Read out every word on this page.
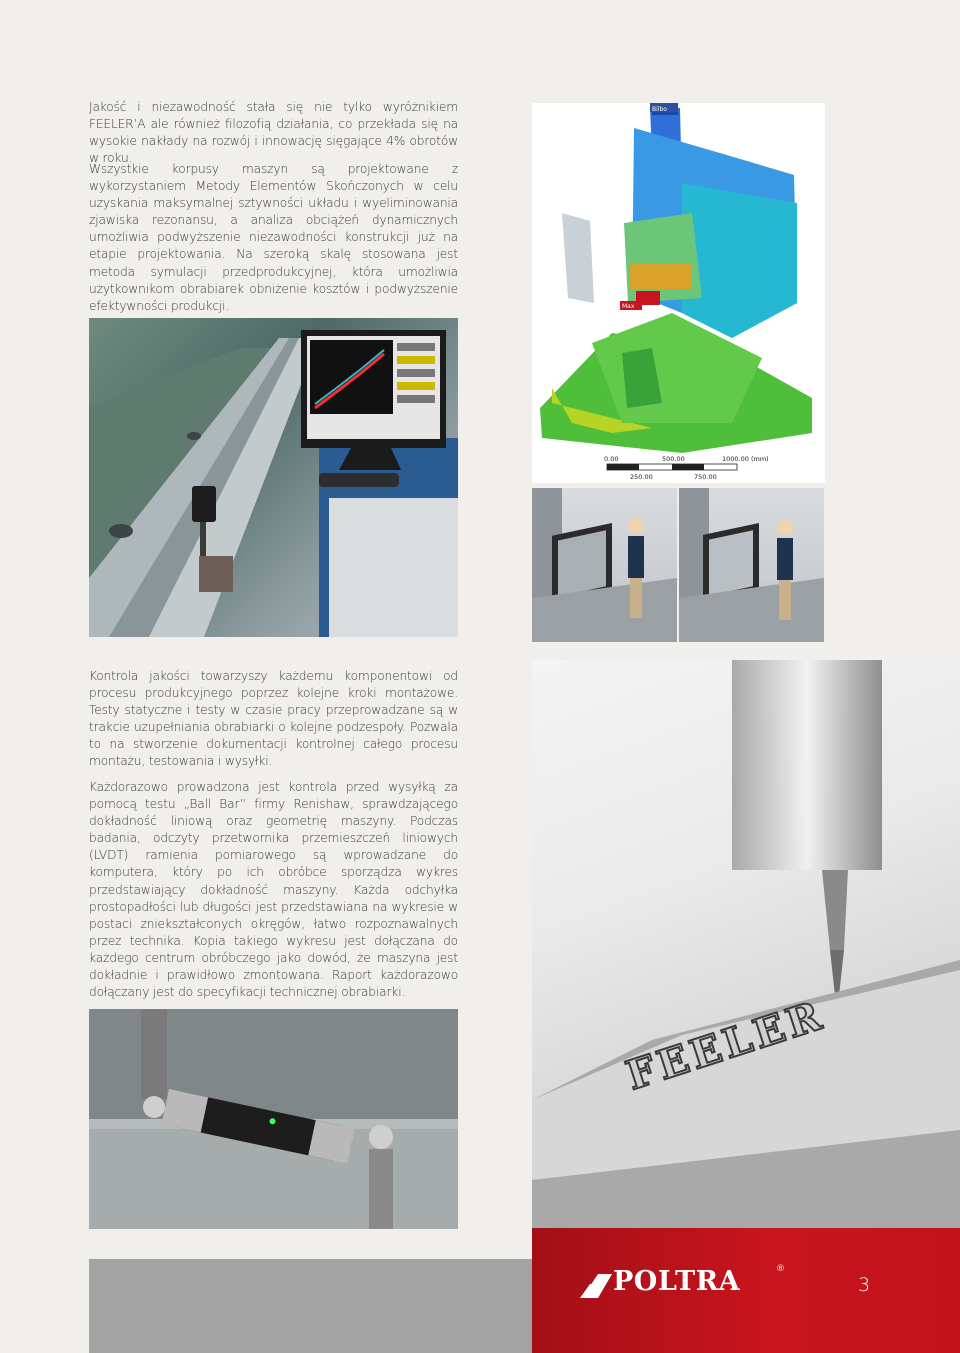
Jakość i niezawodność stała się nie tylko wyróżnikiem FEELER’A ale również filozofią działania, co przekłada się na wysokie nakłady na rozwój i innowację sięgające 4% obrotów w roku.

Wszystkie korpusy maszyn są projektowane z wykorzystaniem Metody Elementów Skończonych w celu uzyskania maksymalnej sztywności układu i wyeliminowania zjawiska rezonansu, a analiza obciążeń dynamicznych umożliwia podwyższenie niezawodności konstrukcji już na etapie projektowania. Na szeroką skalę stosowana jest metoda symulacji przedprodukcyjnej, która umożliwia użytkownikom obrabiarek obniżenie kosztów i podwyższenie efektywności produkcji.

Kontrola jakości towarzyszy każdemu komponentowi od procesu produkcyjnego poprzez kolejne kroki montażowe. Testy statyczne i testy w czasie pracy przeprowadzane są w trakcie uzupełniania obrabiarki o kolejne podzespoły. Pozwala to na stworzenie dokumentacji kontrolnej całego procesu montażu, testowania i wysyłki.

Każdorazowo prowadzona jest kontrola przed wysyłką za pomocą testu „Ball Bar” firmy Renishaw, sprawdzającego dokładność liniową oraz geometrię maszyny. Podczas badania, odczyty przetwornika przemieszczeń liniowych (LVDT) ramienia pomiarowego są wprowadzane do komputera, który po ich obróbce sporządza wykres przedstawiający dokładność maszyny. Każda odchyłka prostopadłości lub długości jest przedstawiana na wykresie w postaci zniekształconych okręgów, łatwo rozpoznawalnych przez technika. Kopia takiego wykresu jest dołączana do każdego centrum obróbczego jako dowód, że maszyna jest dokładnie i prawidłowo zmontowana. Raport każdorazowo dołączany jest do specyfikacji technicznej obrabiarki.

Bilbo
Max
0.00	500.00	1000.00 (mm)
250.00	750.00
FEELER
POLTRA	®
3
